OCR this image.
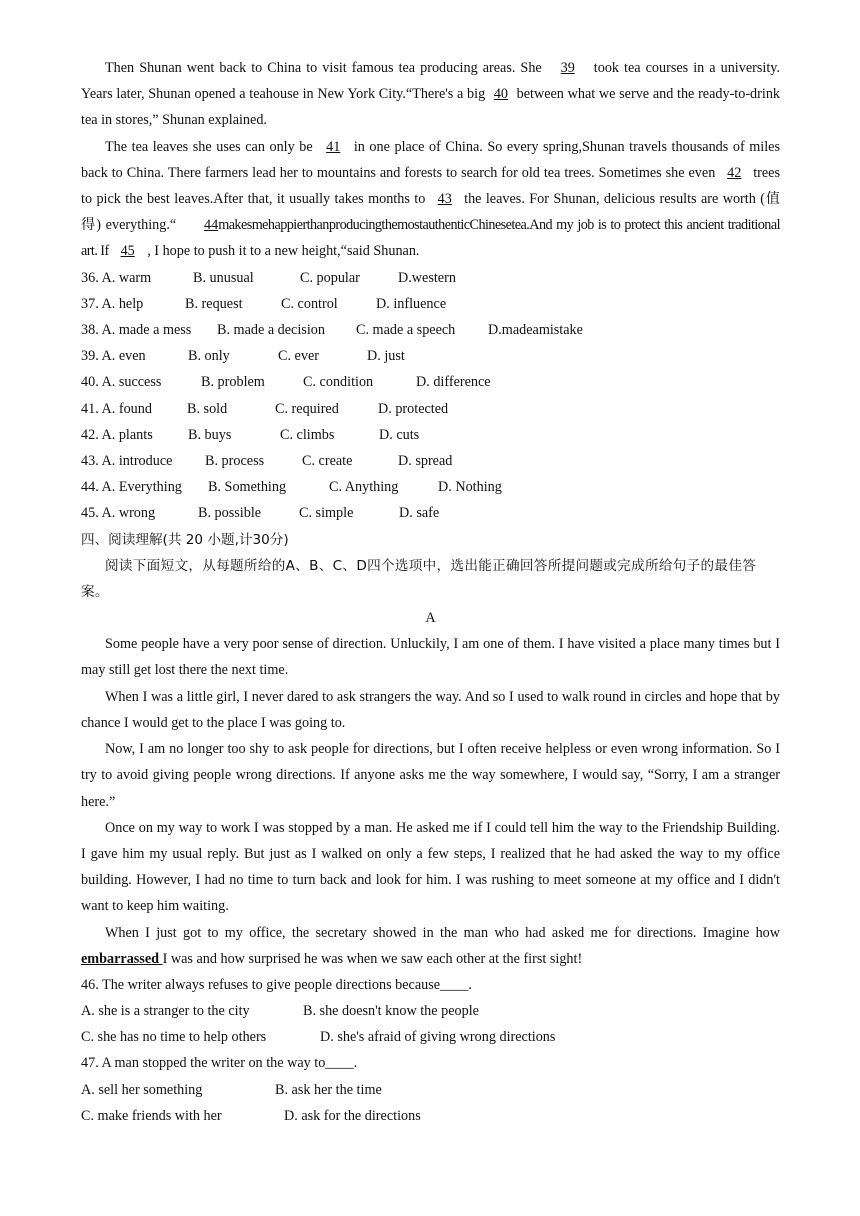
Then Shunan went back to China to visit famous tea producing areas. She 39 took tea courses in a university. Years later, Shunan opened a teahouse in New York City.“There's a big 40 between what we serve and the ready-to-drink tea in stores,” Shunan explained.

The tea leaves she uses can only be 41 in one place of China. So every spring,Shunan travels thousands of miles back to China. There farmers lead her to mountains and forests to search for old tea trees. Sometimes she even 42 trees to pick the best leaves.After that, it usually takes months to 43 the leaves. For Shunan, delicious results are worth (值得) everything.“ 44makesmehappierthanproducingthemostauthenticChinesetea.And my job is to protect this ancient traditional art. If 45 , I hope to push it to a new height,“said Shunan.

36. A. warm	B. unusual	C. popular	D.western
37. A. help	B. request	C. control	D. influence
38. A. made a mess B. made a decision C. made a speech D.madeamistake
39. A. even	B. only	C. ever	D. just
40. A. success	B. problem	C. condition	D. difference
41. A. found B. sold	C. required	D. protected
42. A. plants B. buys	C. climbs	D. cuts
43. A. introduce B. process	C. create	D. spread
44. A. Everything B. Something	C. Anything	D. Nothing
45. A. wrong	B. possible	C. simple	D. safe
四、阅读理解(共 20 小题,计30分)

阅读下面短文，从每题所给的A、B、C、D四个选项中，选出能正确回答所提问题或完成所给句子的最佳答案。

A

Some people have a very poor sense of direction. Unluckily, I am one of them. I have visited a place many times but I may still get lost there the next time.

When I was a little girl, I never dared to ask strangers the way. And so I used to walk round in circles and hope that by chance I would get to the place I was going to.

Now, I am no longer too shy to ask people for directions, but I often receive helpless or even wrong information. So I try to avoid giving people wrong directions. If anyone asks me the way somewhere, I would say, “Sorry, I am a stranger here.”

Once on my way to work I was stopped by a man. He asked me if I could tell him the way to the Friendship Building. I gave him my usual reply. But just as I walked on only a few steps, I realized that he had asked the way to my office building. However, I had no time to turn back and look for him. I was rushing to meet someone at my office and I didn't want to keep him waiting.

When I just got to my office, the secretary showed in the man who had asked me for directions. Imagine how embarrassed I was and how surprised he was when we saw each other at the first sight!

46. The writer always refuses to give people directions because____.
A. she is a stranger to the city	B. she doesn't know the people
C. she has no time to help others	D. she's afraid of giving wrong directions
47. A man stopped the writer on the way to____.
A. sell her something	B. ask her the time
C. make friends with her	D. ask for the directions
